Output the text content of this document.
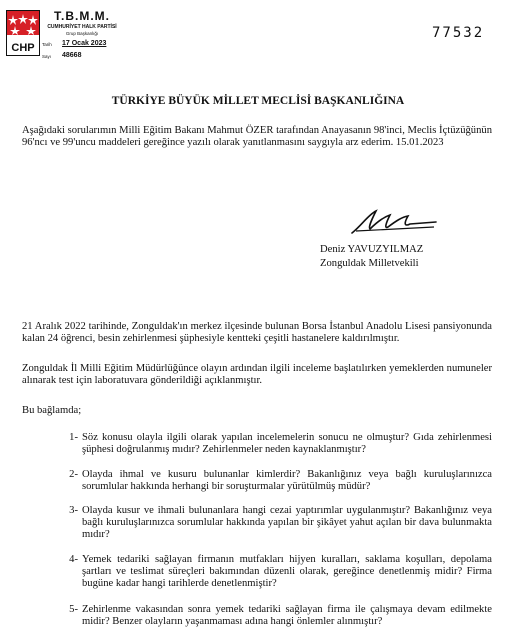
CHP
T.B.M.M.
CUMHURİYET HALK PARTİSİ
Grup Başkanlığı
Tarih 17 Ocak 2023
Sayı 48668
77532
TÜRKİYE BÜYÜK MİLLET MECLİSİ BAŞKANLIĞINA

Aşağıdaki sorularımın Milli Eğitim Bakanı Mahmut ÖZER tarafından Anayasanın 98'inci, Meclis İçtüzüğünün 96'ncı ve 99'uncu maddeleri gereğince yazılı olarak yanıtlanmasını saygıyla arz ederim. 15.01.2023

Deniz YAVUZYILMAZ
Zonguldak Milletvekili

21 Aralık 2022 tarihinde, Zonguldak'ın merkez ilçesinde bulunan Borsa İstanbul Anadolu Lisesi pansiyonunda kalan 24 öğrenci, besin zehirlenmesi şüphesiyle kentteki çeşitli hastanelere kaldırılmıştır.

Zonguldak İl Milli Eğitim Müdürlüğünce olayın ardından ilgili inceleme başlatılırken yemeklerden numuneler alınarak test için laboratuvara gönderildiği açıklanmıştır.

Bu bağlamda;

1- Söz konusu olayla ilgili olarak yapılan incelemelerin sonucu ne olmuştur? Gıda zehirlenmesi şüphesi doğrulanmış mıdır? Zehirlenmeler neden kaynaklanmıştır?

2- Olayda ihmal ve kusuru bulunanlar kimlerdir? Bakanlığınız veya bağlı kuruluşlarınızca sorumlular hakkında herhangi bir soruşturmalar yürütülmüş müdür?

3- Olayda kusur ve ihmali bulunanlara hangi cezai yaptırımlar uygulanmıştır? Bakanlığınız veya bağlı kuruluşlarınızca sorumlular hakkında yapılan bir şikâyet yahut açılan bir dava bulunmakta mıdır?

4- Yemek tedariki sağlayan firmanın mutfakları hijyen kuralları, saklama koşulları, depolama şartları ve teslimat süreçleri bakımından düzenli olarak, gereğince denetlenmiş midir? Firma bugüne kadar hangi tarihlerde denetlenmiştir?

5- Zehirlenme vakasından sonra yemek tedariki sağlayan firma ile çalışmaya devam edilmekte midir? Benzer olayların yaşanmaması adına hangi önlemler alınmıştır?
